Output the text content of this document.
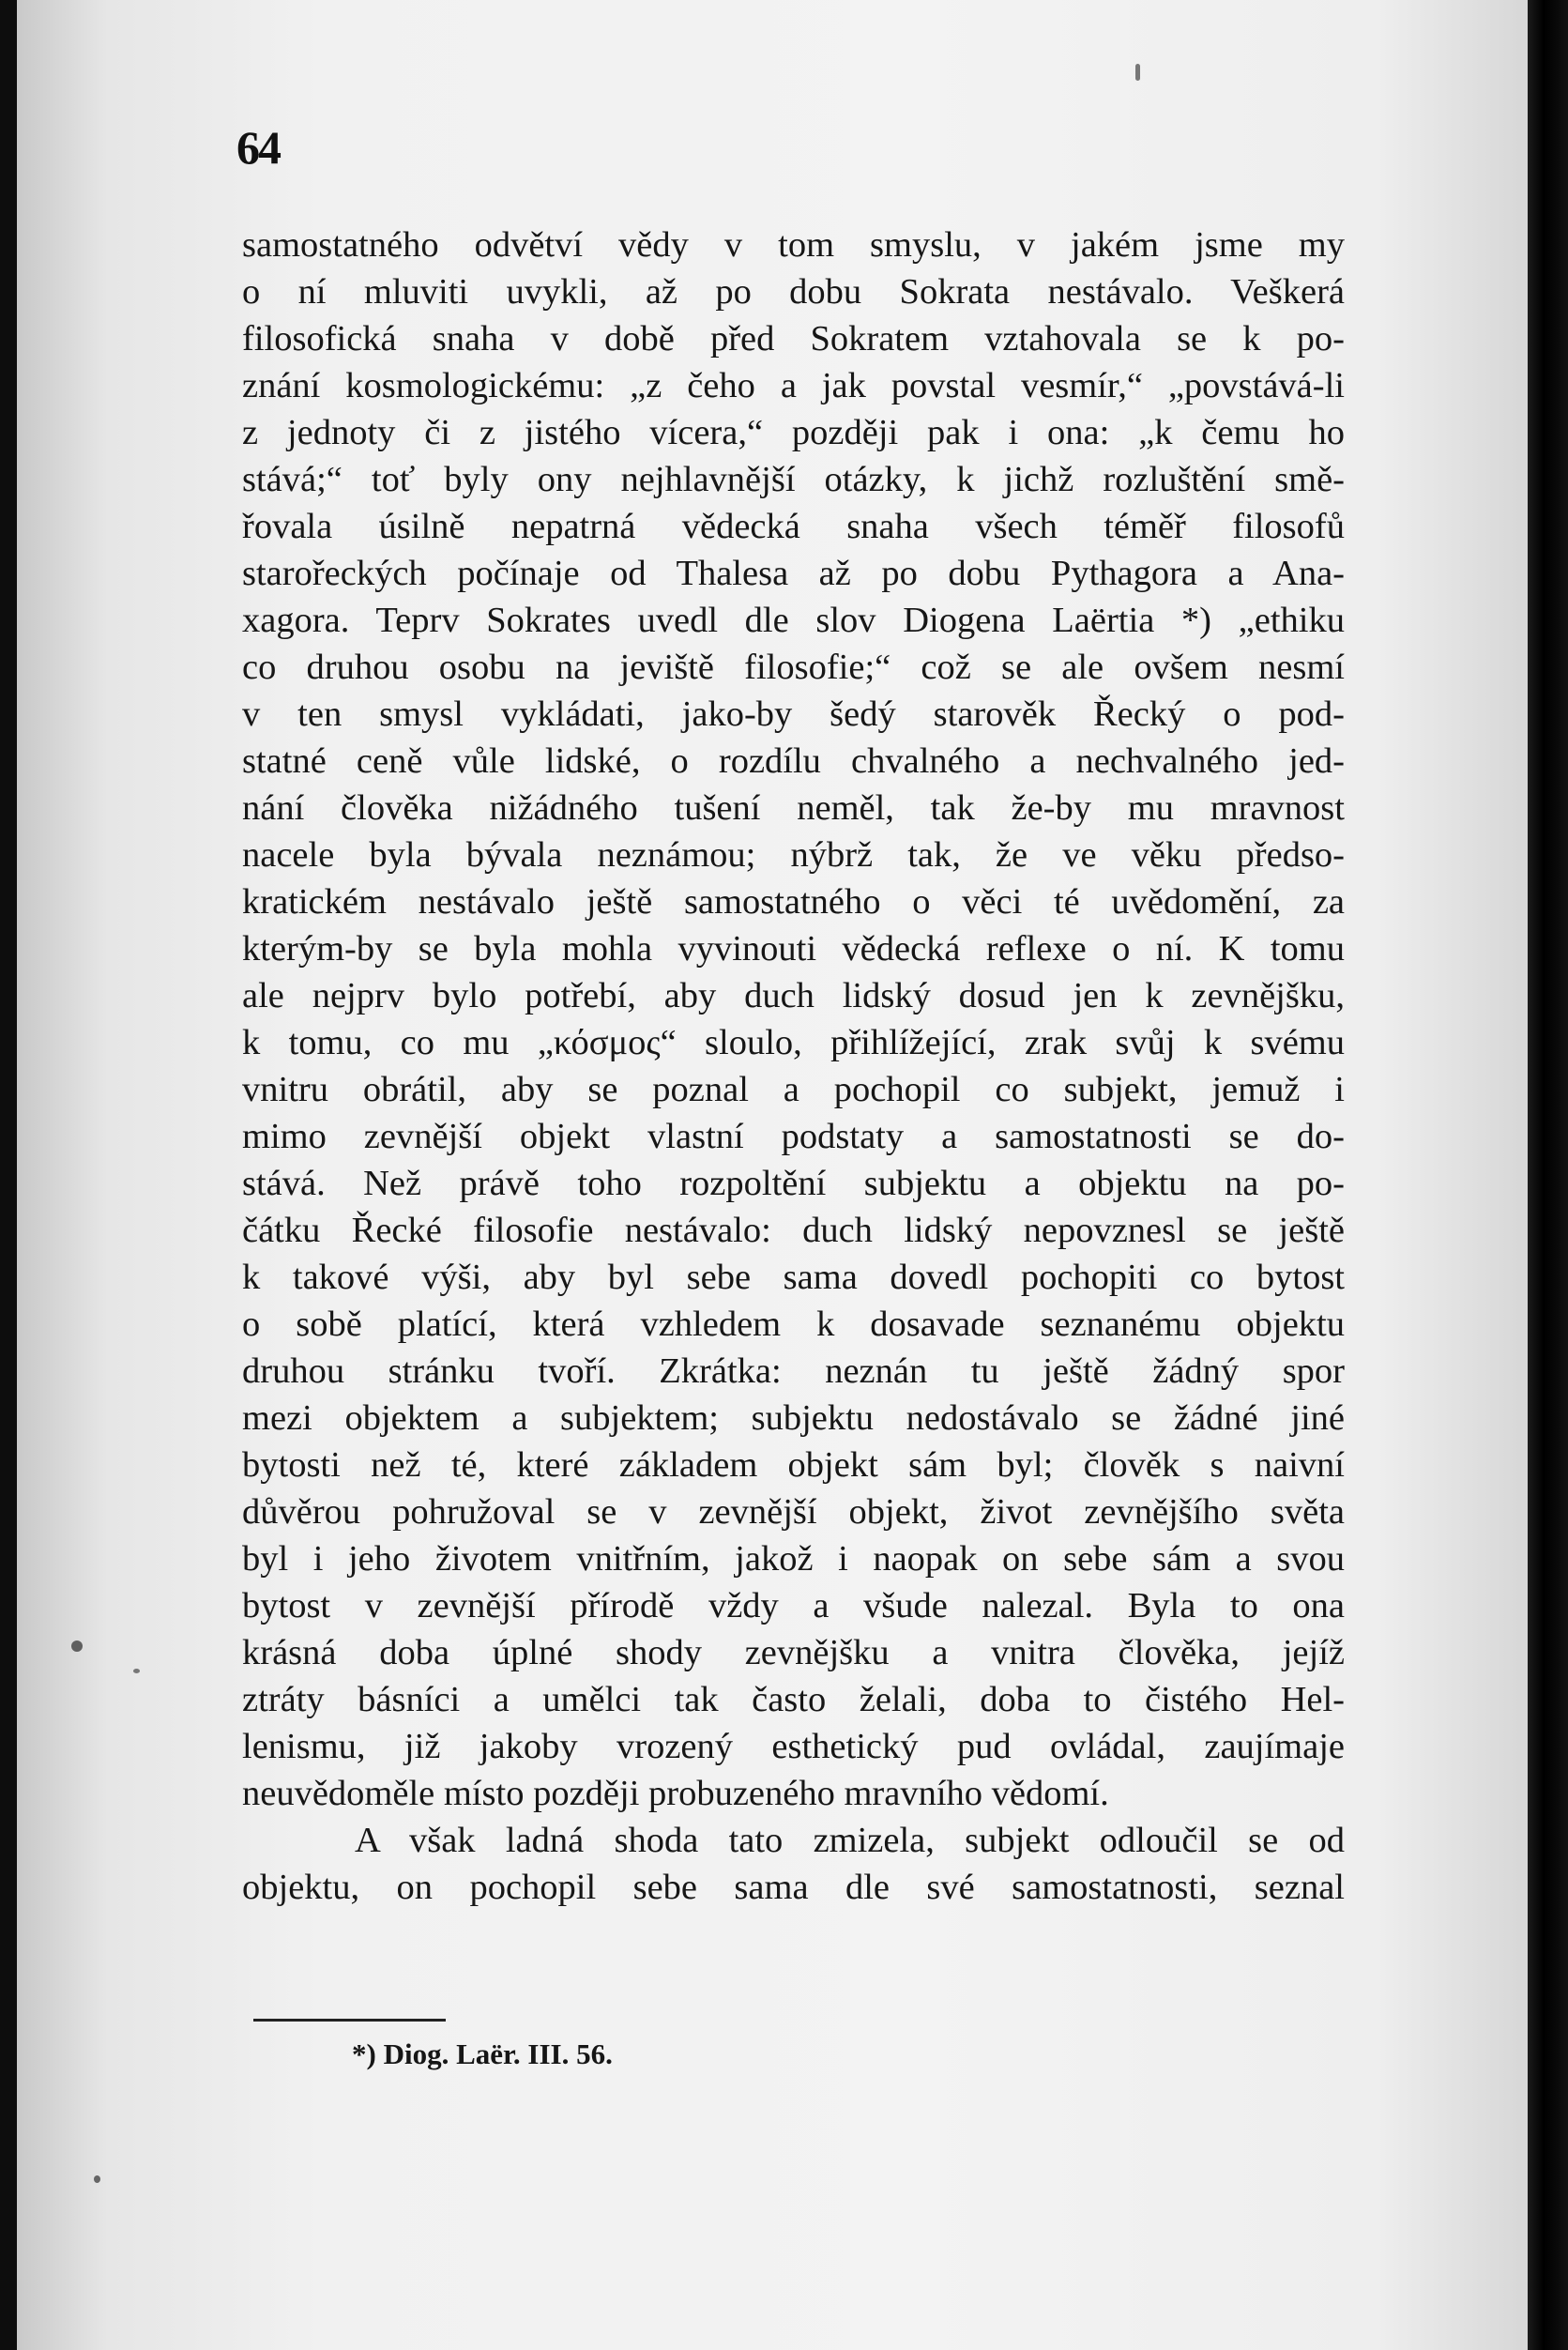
64
samostatného odvětví vědy v tom smyslu, v jakém jsme my
o ní mluviti uvykli, až po dobu Sokrata nestávalo. Veškerá
filosofická snaha v době před Sokratem vztahovala se k po-
znání kosmologickému: „z čeho a jak povstal vesmír,“ „povstává-li
z jednoty či z jistého vícera,“ později pak i ona: „k čemu ho
stává;“ toť byly ony nejhlavnější otázky, k jichž rozluštění smě-
řovala úsilně nepatrná vědecká snaha všech téměř filosofů
starořeckých počínaje od Thalesa až po dobu Pythagora a Ana-
xagora. Teprv Sokrates uvedl dle slov Diogena Laërtia *) „ethiku
co druhou osobu na jeviště filosofie;“ což se ale ovšem nesmí
v ten smysl vykládati, jako-by šedý starověk Řecký o pod-
statné ceně vůle lidské, o rozdílu chvalného a nechvalného jed-
nání člověka nižádného tušení neměl, tak že-by mu mravnost
nacele byla bývala neznámou; nýbrž tak, že ve věku předso-
kratickém nestávalo ještě samostatného o věci té uvědomění, za
kterým-by se byla mohla vyvinouti vědecká reflexe o ní. K tomu
ale nejprv bylo potřebí, aby duch lidský dosud jen k zevnějšku,
k tomu, co mu „κόσμος“ sloulo, přihlížející, zrak svůj k svému
vnitru obrátil, aby se poznal a pochopil co subjekt, jemuž i
mimo zevnější objekt vlastní podstaty a samostatnosti se do-
stává. Než právě toho rozpoltění subjektu a objektu na po-
čátku Řecké filosofie nestávalo: duch lidský nepovznesl se ještě
k takové výši, aby byl sebe sama dovedl pochopiti co bytost
o sobě platící, která vzhledem k dosavade seznanému objektu
druhou stránku tvoří. Zkrátka: neznán tu ještě žádný spor
mezi objektem a subjektem; subjektu nedostávalo se žádné jiné
bytosti než té, které základem objekt sám byl; člověk s naivní
důvěrou pohružoval se v zevnější objekt, život zevnějšího světa
byl i jeho životem vnitřním, jakož i naopak on sebe sám a svou
bytost v zevnější přírodě vždy a všude nalezal. Byla to ona
krásná doba úplné shody zevnějšku a vnitra člověka, jejíž
ztráty básníci a umělci tak často želali, doba to čistého Hel-
lenismu, již jakoby vrozený esthetický pud ovládal, zaujímaje
neuvědoměle místo později probuzeného mravního vědomí.
A však ladná shoda tato zmizela, subjekt odloučil se od
objektu, on pochopil sebe sama dle své samostatnosti, seznal
*) Diog. Laër. III. 56.
